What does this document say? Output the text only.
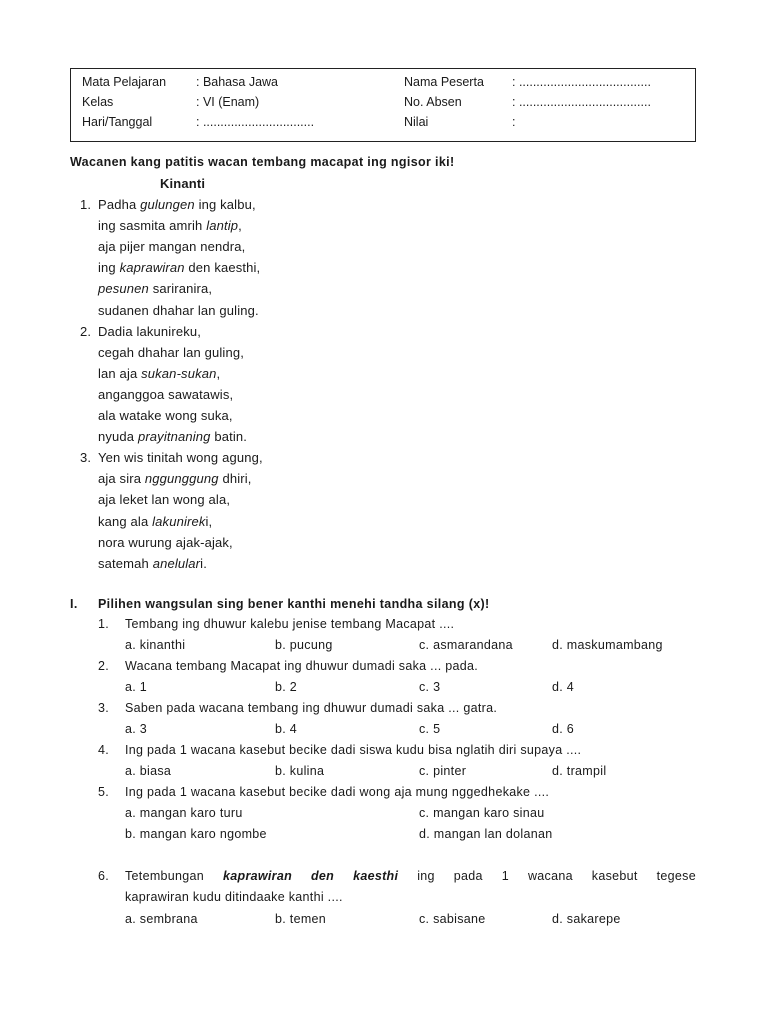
Mata Pelajaran : Bahasa Jawa	Nama Peserta : ......................................
Kelas	: VI (Enam)	No. Absen	: ......................................
Hari/Tanggal	: ................................	Nilai	:
Wacanen kang patitis wacan tembang macapat ing ngisor iki!
Kinanti
1. Padha gulungen ing kalbu,
ing sasmita amrih lantip,
aja pijer mangan nendra,
ing kaprawiran den kaesthi,
pesunen sariranira,
sudanen dhahar lan guling.
2. Dadia lakunireku,
cegah dhahar lan guling,
lan aja sukan-sukan,
anganggoa sawatawis,
ala watake wong suka,
nyuda prayitnaning batin.
3. Yen wis tinitah wong agung,
aja sira nggunggung dhiri,
aja leket lan wong ala,
kang ala lakunireki,
nora wurung ajak-ajak,
satemah anelulari.
I. Pilihen wangsulan sing bener kanthi menehi tandha silang (x)!
1. Tembang ing dhuwur kalebu jenise tembang Macapat ....
a. kinanthi	b. pucung	c. asmarandana	d. maskumambang
2. Wacana tembang Macapat ing dhuwur dumadi saka ... pada.
a. 1	b. 2	c. 3	d. 4
3. Saben pada wacana tembang ing dhuwur dumadi saka ... gatra.
a. 3	b. 4	c. 5	d. 6
4. Ing pada 1 wacana kasebut becike dadi siswa kudu bisa nglatih diri supaya ....
a. biasa	b. kulina	c. pinter	d. trampil
5. Ing pada 1 wacana kasebut becike dadi wong aja mung nggedhekake ....
a. mangan karo turu	c. mangan karo sinau
b. mangan karo ngombe	d. mangan lan dolanan
6. Tetembungan kaprawiran den kaesthi ing pada 1 wacana kasebut tegese
kaprawiran kudu ditindaake kanthi ....
a. sembrana	b. temen	c. sabisane	d. sakarepe
